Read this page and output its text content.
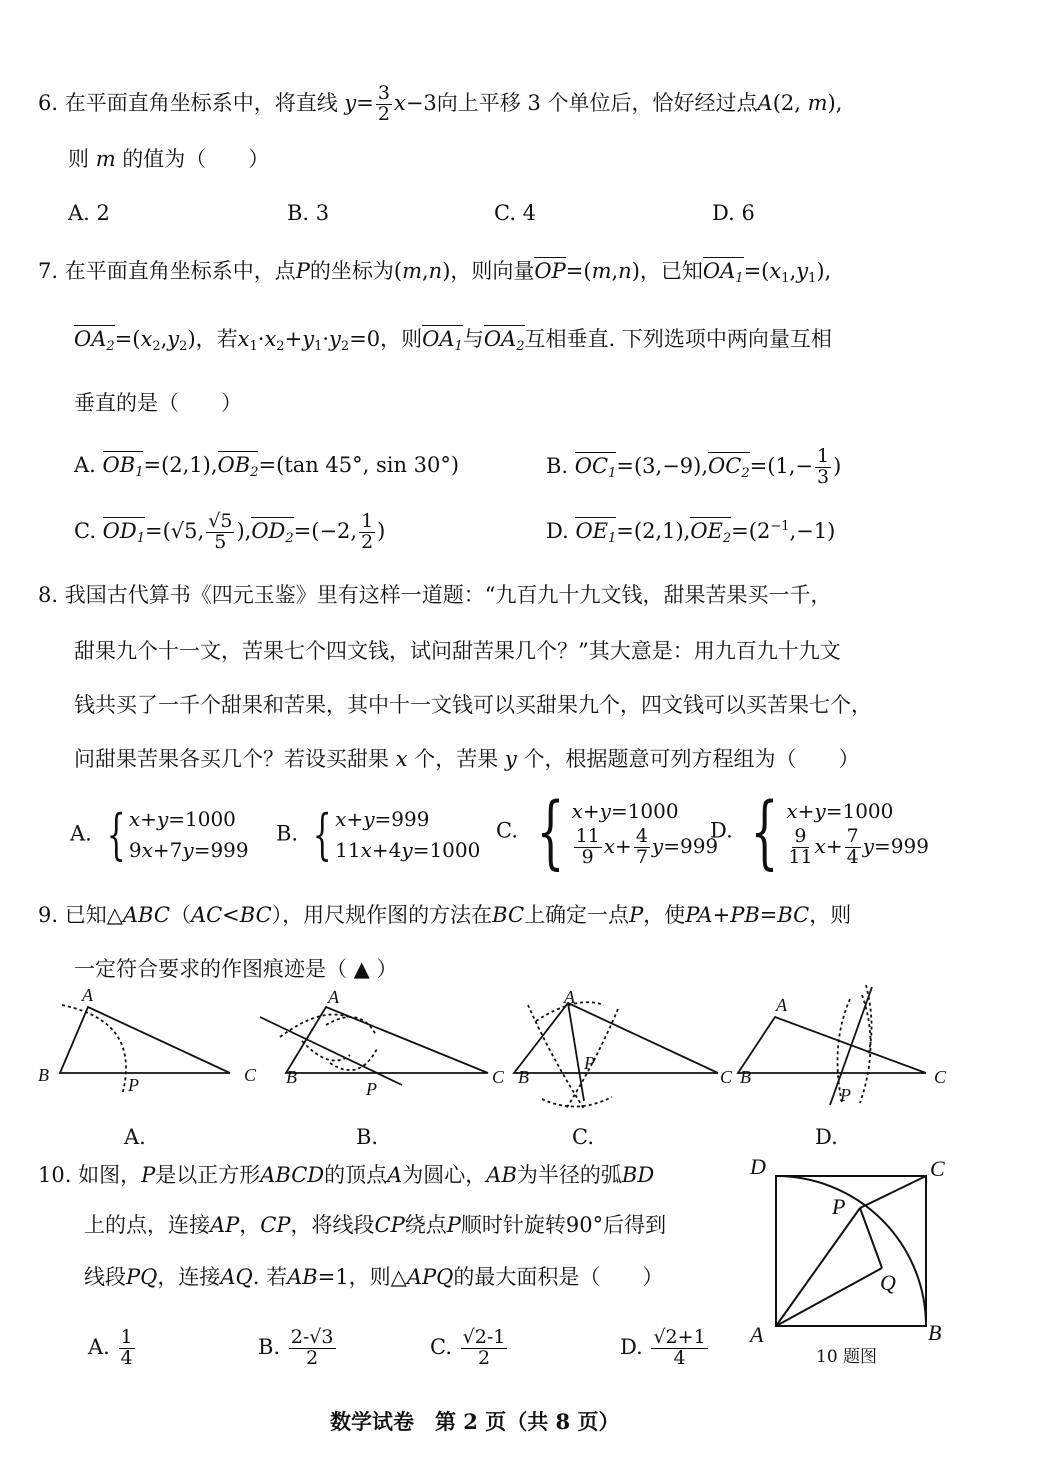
6. 在平面直角坐标系中，将直线 $y= \frac{3}{2} x-3$向上平移 3 个单位后，恰好经过点A(2, m),
则 m 的值为（　　）
A. 2	B. 3	C. 4	D. 6
7. 在平面直角坐标系中，点P的坐标为(m,n)，则向量OP=(m,n)，已知$OA_1=(x_1,y_1)$,
$OA_2=(x_2,y_2)$，若$x_1\cdot x_2+y_1\cdot y_2=0$，则$OA_1$与$OA_2$互相垂直. 下列选项中两向量互相
垂直的是（　　）
A. $OB_1=(2,1),OB_2=(\tan$ 45°, sin 30°)	B. $OC_1=(3,-9),OC_2=(1,- \frac{1}{3}$ )
C. $OD_1=(√5$, $\frac{√5}{5} ),OD_2=(-2$, $\frac{1}{2}$ )	D. $OE_1=(2,1),OE_2=(2^{-1},-1)$
8. 我国古代算书《四元玉鉴》里有这样一道题：“九百九十九文钱，甜果苦果买一千，
甜果九个十一文，苦果七个四文钱，试问甜苦果几个？”其大意是：用九百九十九文
钱共买了一千个甜果和苦果，其中十一文钱可以买甜果九个，四文钱可以买苦果七个，
问甜果苦果各买几个？若设买甜果 x 个，苦果 y 个，根据题意可列方程组为（　　）
A. { x+y=1000
9x+7y=999
B. { x+y=999
11x+4y=1000
C. { x+y=1000
$\frac{11}{9} x+ \frac{4}{7} y=999$
D. { x+y=1000
$\frac{9}{11} x+ \frac{7}{4} y=999$
9. 已知△ABC（AC<BC），用尺规作图的方法在BC上确定一点P，使PA+PB=BC，则
一定符合要求的作图痕迹是（ ▲ ）
A
B	C
P
A
B	C
P
A
B	C
P
A
B	C
P
A.	B.	C.	D.
10. 如图，P是以正方形ABCD的顶点A为圆心，AB为半径的弧BD
上的点，连接AP，CP，将线段CP绕点P顺时针旋转90°后得到
线段PQ，连接AQ. 若AB=1，则△APQ的最大面积是（　　）
A. $\frac{1}{4}$	B. $\frac{2-√3}{2}$	C. $\frac{√2-1}{2}$	D. $\frac{√2+1}{4}$
D	C
A	B
P
Q
10 题图
数学试卷　第 2 页（共 8 页）
